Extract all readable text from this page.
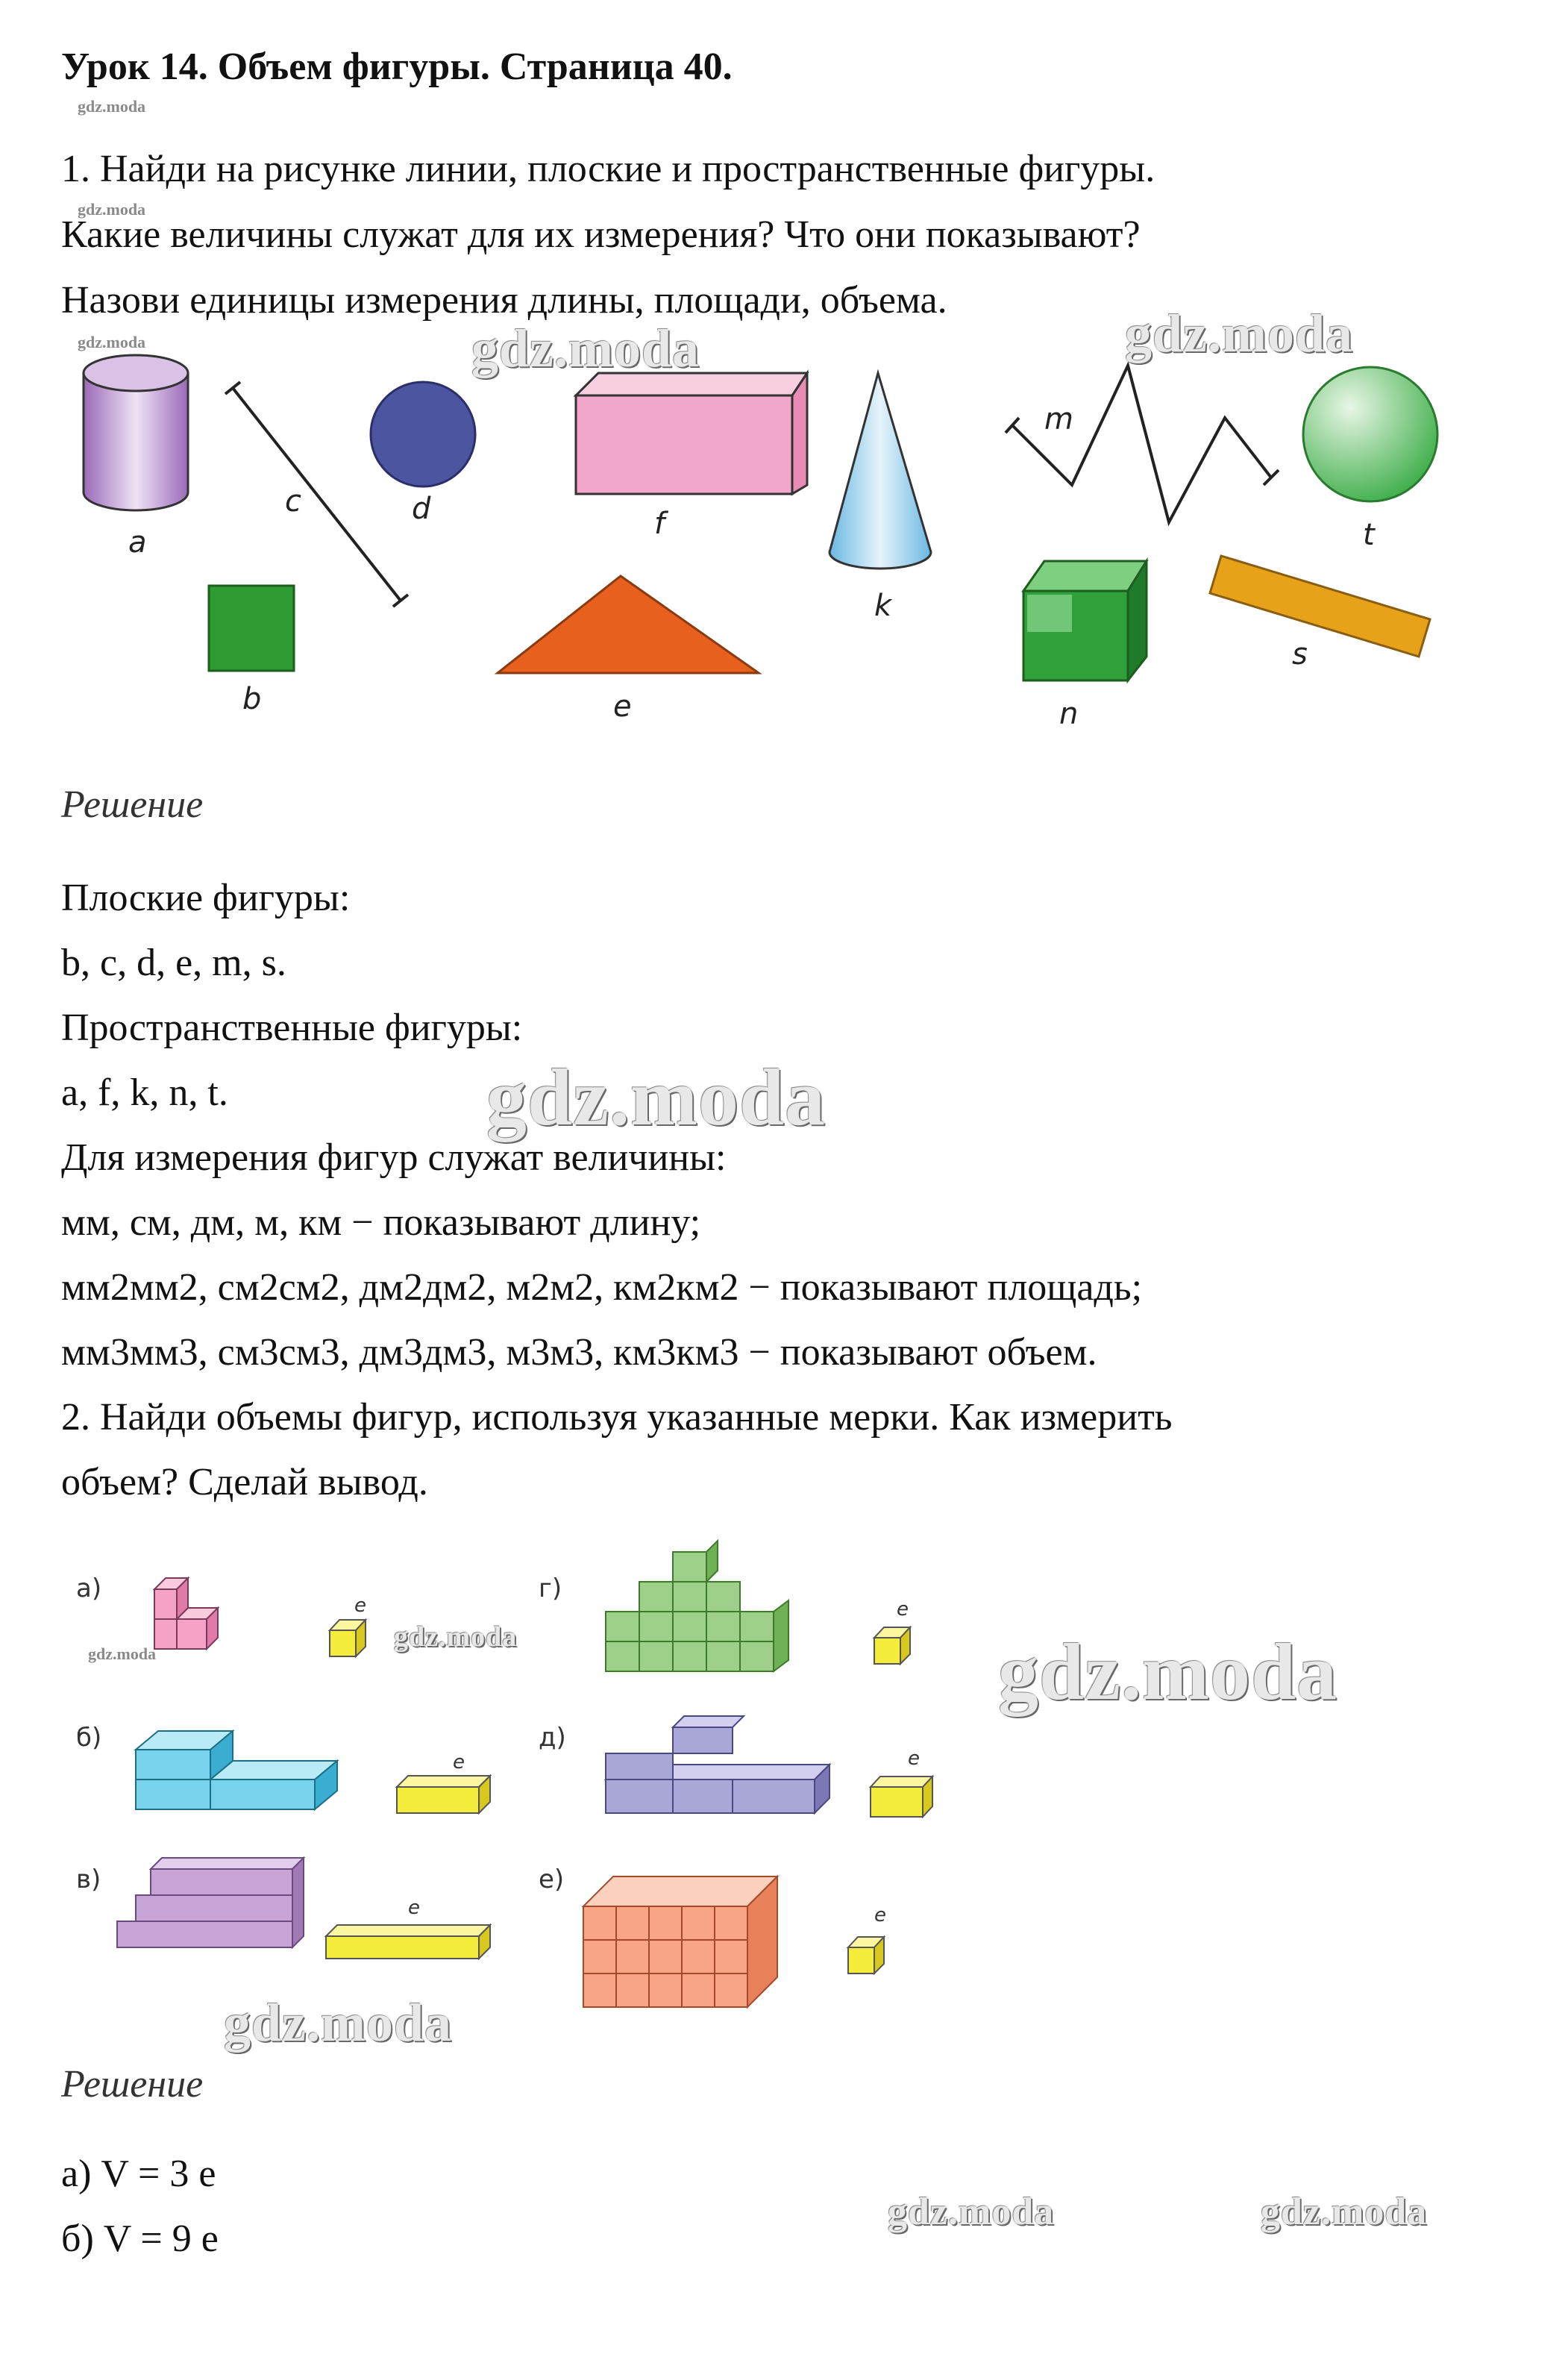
Урок 14. Объем фигуры. Страница 40.
gdz.moda
1. Найди на рисунке линии, плоские и пространственные фигуры.
gdz.moda
Какие величины служат для их измерения? Что они показывают?
Назови единицы измерения длины, площади, объема.
gdz.moda
a
c	d	f
k
m
t
b	e	n
s
gdz.moda	gdz.moda
Решение
Плоские фигуры:
b, c, d, e, m, s.
Пространственные фигуры:
a, f, k, n, t.	gdz.moda
Для измерения фигур служат величины:
мм, см, дм, м, км − показывают длину;
мм2мм2, см2см2, дм2дм2, м2м2, км2км2 − показывают площадь;
мм3мм3, см3см3, дм3дм3, м3м3, км3км3 − показывают объем.
2. Найди объемы фигур, используя указанные мерки. Как измерить
объем? Сделай вывод.
а)
б)
в)
г)
д)
е)
е
е
е
е
е
е
gdz.moda
gdz.moda	gdz.moda
gdz.moda
Решение
а) V = 3 е
б) V = 9 е
gdz.moda	gdz.moda
